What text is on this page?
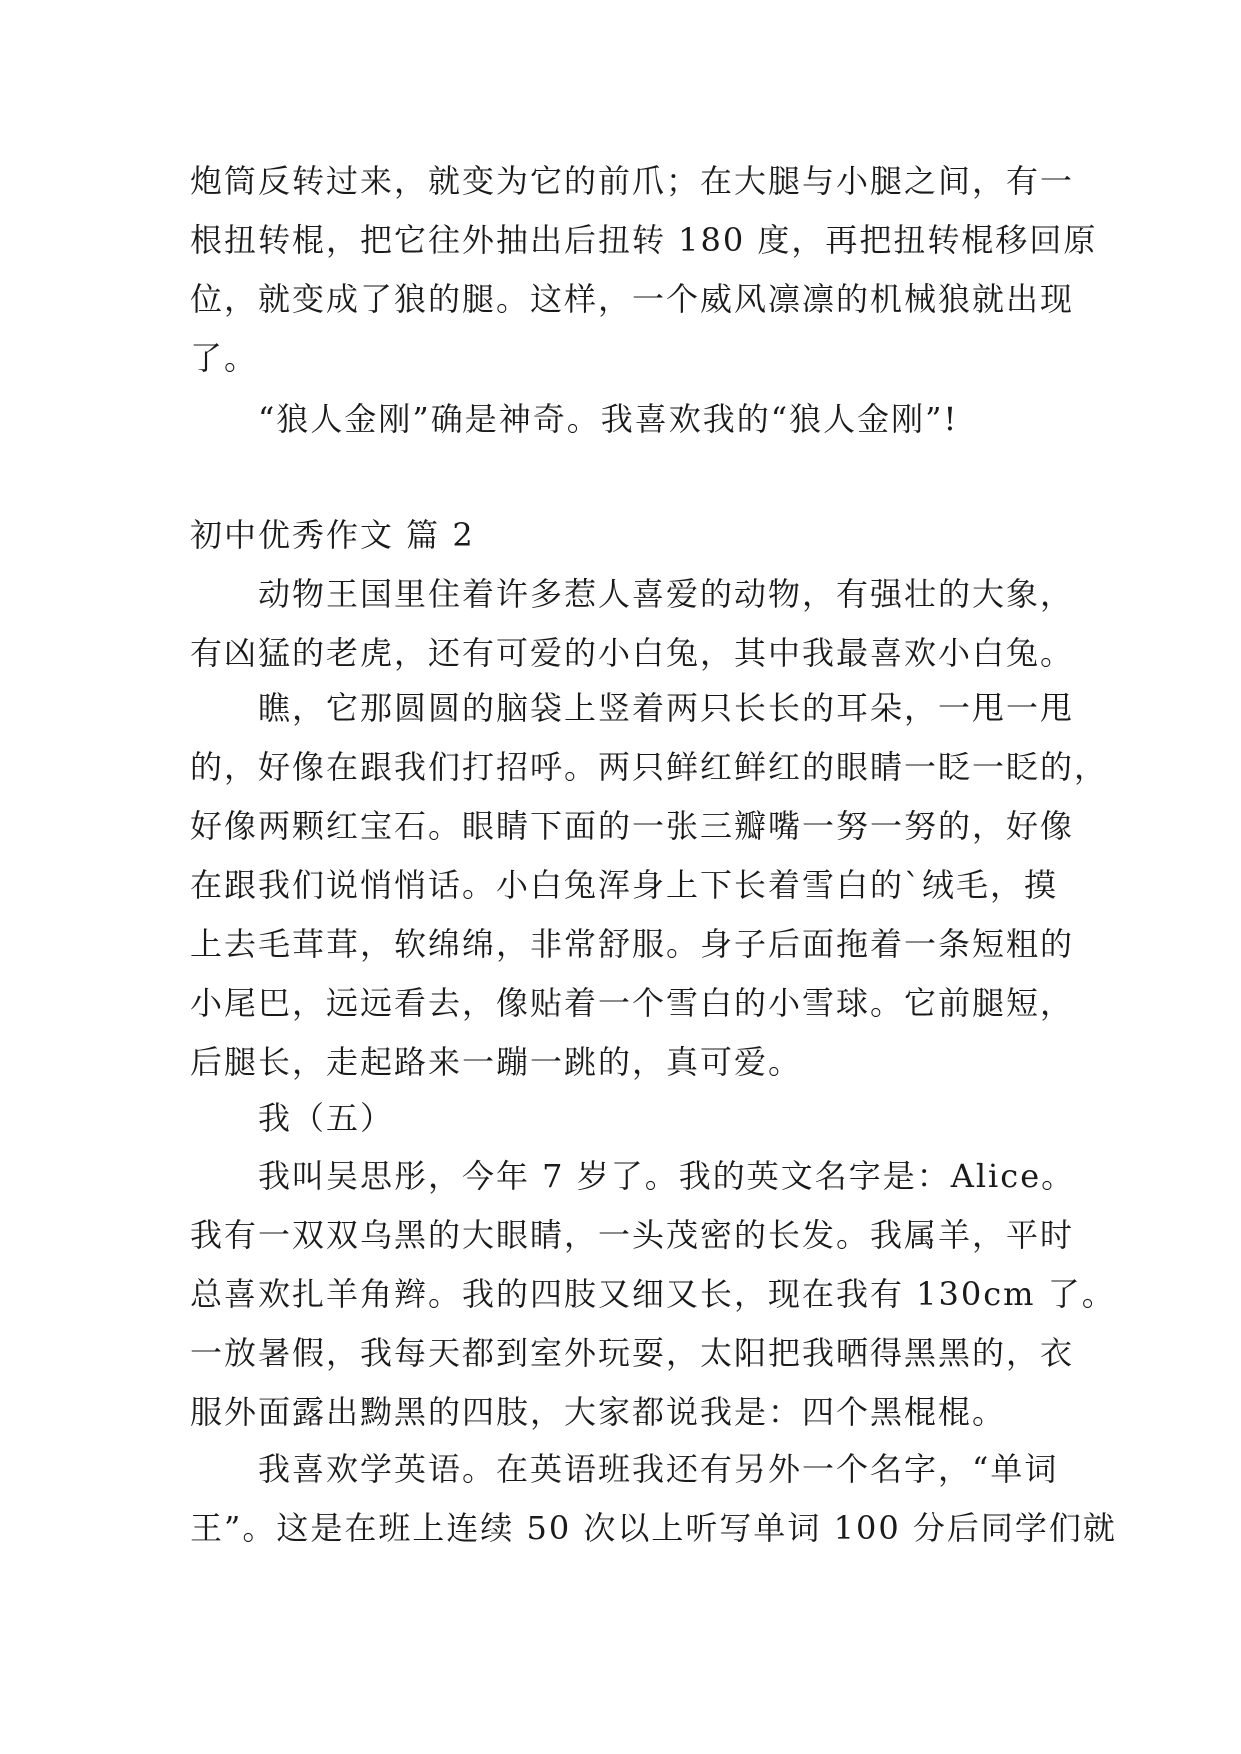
炮筒反转过来，就变为它的前爪；在大腿与小腿之间，有一
根扭转棍，把它往外抽出后扭转 180 度，再把扭转棍移回原
位，就变成了狼的腿。这样，一个威风凛凛的机械狼就出现
了。
“狼人金刚”确是神奇。我喜欢我的“狼人金刚”!
初中优秀作文 篇 2
动物王国里住着许多惹人喜爱的动物，有强壮的大象，
有凶猛的老虎，还有可爱的小白兔，其中我最喜欢小白兔。
瞧，它那圆圆的脑袋上竖着两只长长的耳朵，一甩一甩
的，好像在跟我们打招呼。两只鲜红鲜红的眼睛一眨一眨的，
好像两颗红宝石。眼睛下面的一张三瓣嘴一努一努的，好像
在跟我们说悄悄话。小白兔浑身上下长着雪白的`绒毛，摸
上去毛茸茸，软绵绵，非常舒服。身子后面拖着一条短粗的
小尾巴，远远看去，像贴着一个雪白的小雪球。它前腿短，
后腿长，走起路来一蹦一跳的，真可爱。
我（五）
我叫吴思彤，今年 7 岁了。我的英文名字是：Alice。
我有一双双乌黑的大眼睛，一头茂密的长发。我属羊，平时
总喜欢扎羊角辫。我的四肢又细又长，现在我有 130cm 了。
一放暑假，我每天都到室外玩耍，太阳把我晒得黑黑的，衣
服外面露出黝黑的四肢，大家都说我是：四个黑棍棍。
我喜欢学英语。在英语班我还有另外一个名字，“单词
王”。这是在班上连续 50 次以上听写单词 100 分后同学们就
